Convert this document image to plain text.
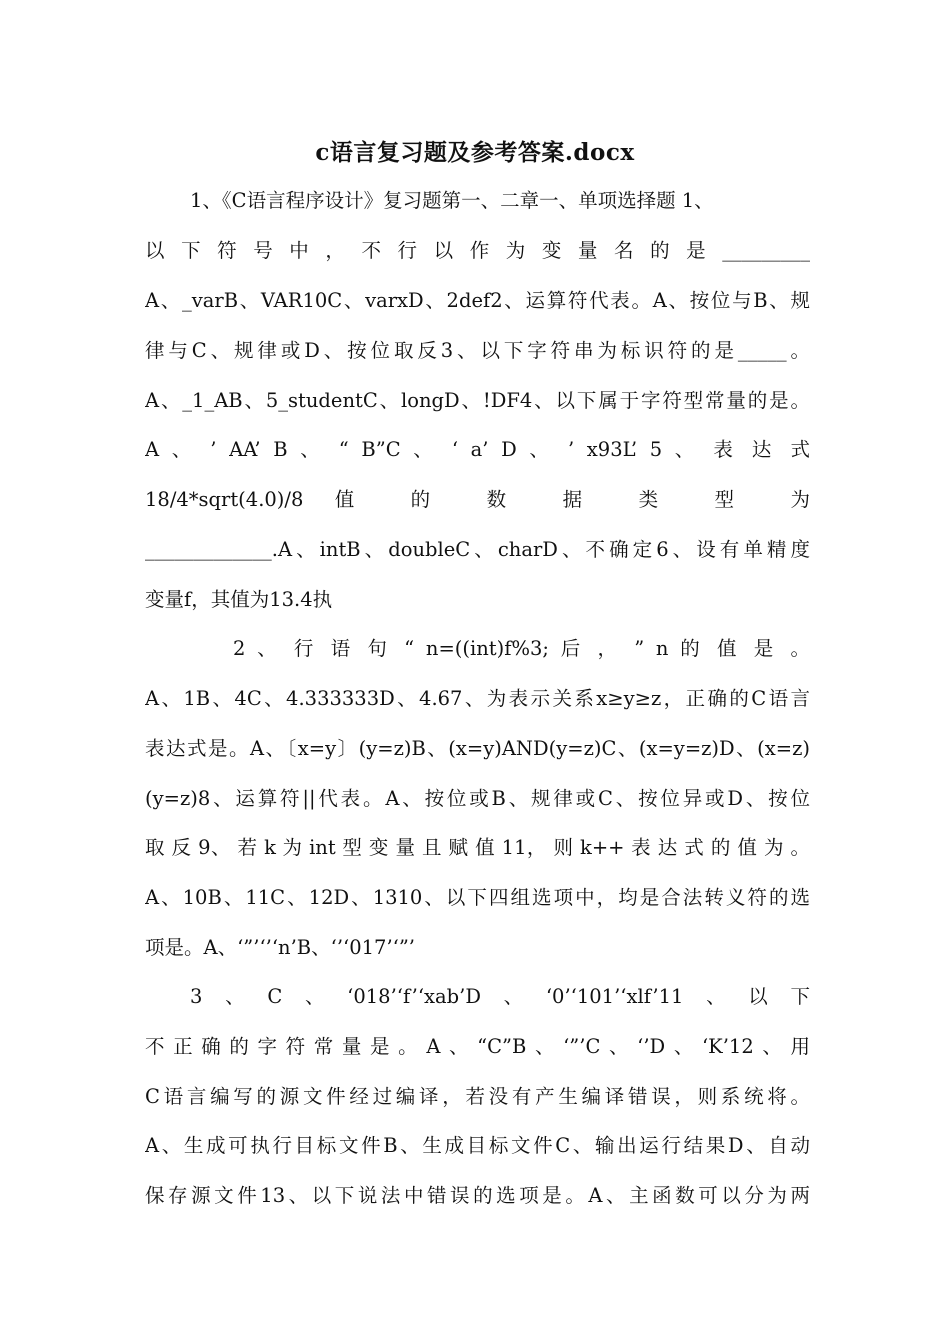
c语言复习题及参考答案.docx
1、《C语言程序设计》复习题第一、二章一、单项选择题 1、
以 下 符 号 中 ， 不 行 以 作 为 变 量 名 的 是 _________
A、_varB、VAR10C、varxD、2def2、运算符代表。A、按位与B、规
律与C、规律或D、按位取反3、以下字符串为标识符的是_____。
A、_1_AB、5_studentC、longD、!DF4、以下属于字符型常量的是。
A 、 ’ AA’ B 、 “ B”C 、 ‘ a’ D 、 ’ x93L’ 5 、 表 达 式
18/4*sqrt(4.0)/8 值 的 数 据 类 型 为
_____________.A、intB、doubleC、charD、不确定6、设有单精度
变量f，其值为13.4执
2 、 行 语 句 “ n=((int)f%3; 后 ， ” n 的 值 是 。
A、1B、4C、4.333333D、4.67、为表示关系x≥y≥z，正确的C语言
表达式是。A、〔x=y〕(y=z)B、(x=y)AND(y=z)C、(x=y=z)D、(x=z)
(y=z)8、运算符||代表。A、按位或B、规律或C、按位异或D、按位
取 反 9、 若 k 为 int 型 变 量 且 赋 值 11， 则 k++ 表 达 式 的 值 为 。
A、10B、11C、12D、1310、以下四组选项中，均是合法转义符的选
项是。A、‘”’‘’‘n’B、‘’‘017’‘”’
3、C、‘018’‘f’‘xab’D、‘0’‘101’‘xlf’11、以下
不正确的字符常量是。A、“C”B、‘”’C、‘’D、‘K’12、用
C语言编写的源文件经过编译，若没有产生编译错误，则系统将。
A、生成可执行目标文件B、生成目标文件C、输出运行结果D、自动
保存源文件13、以下说法中错误的选项是。A、主函数可以分为两
